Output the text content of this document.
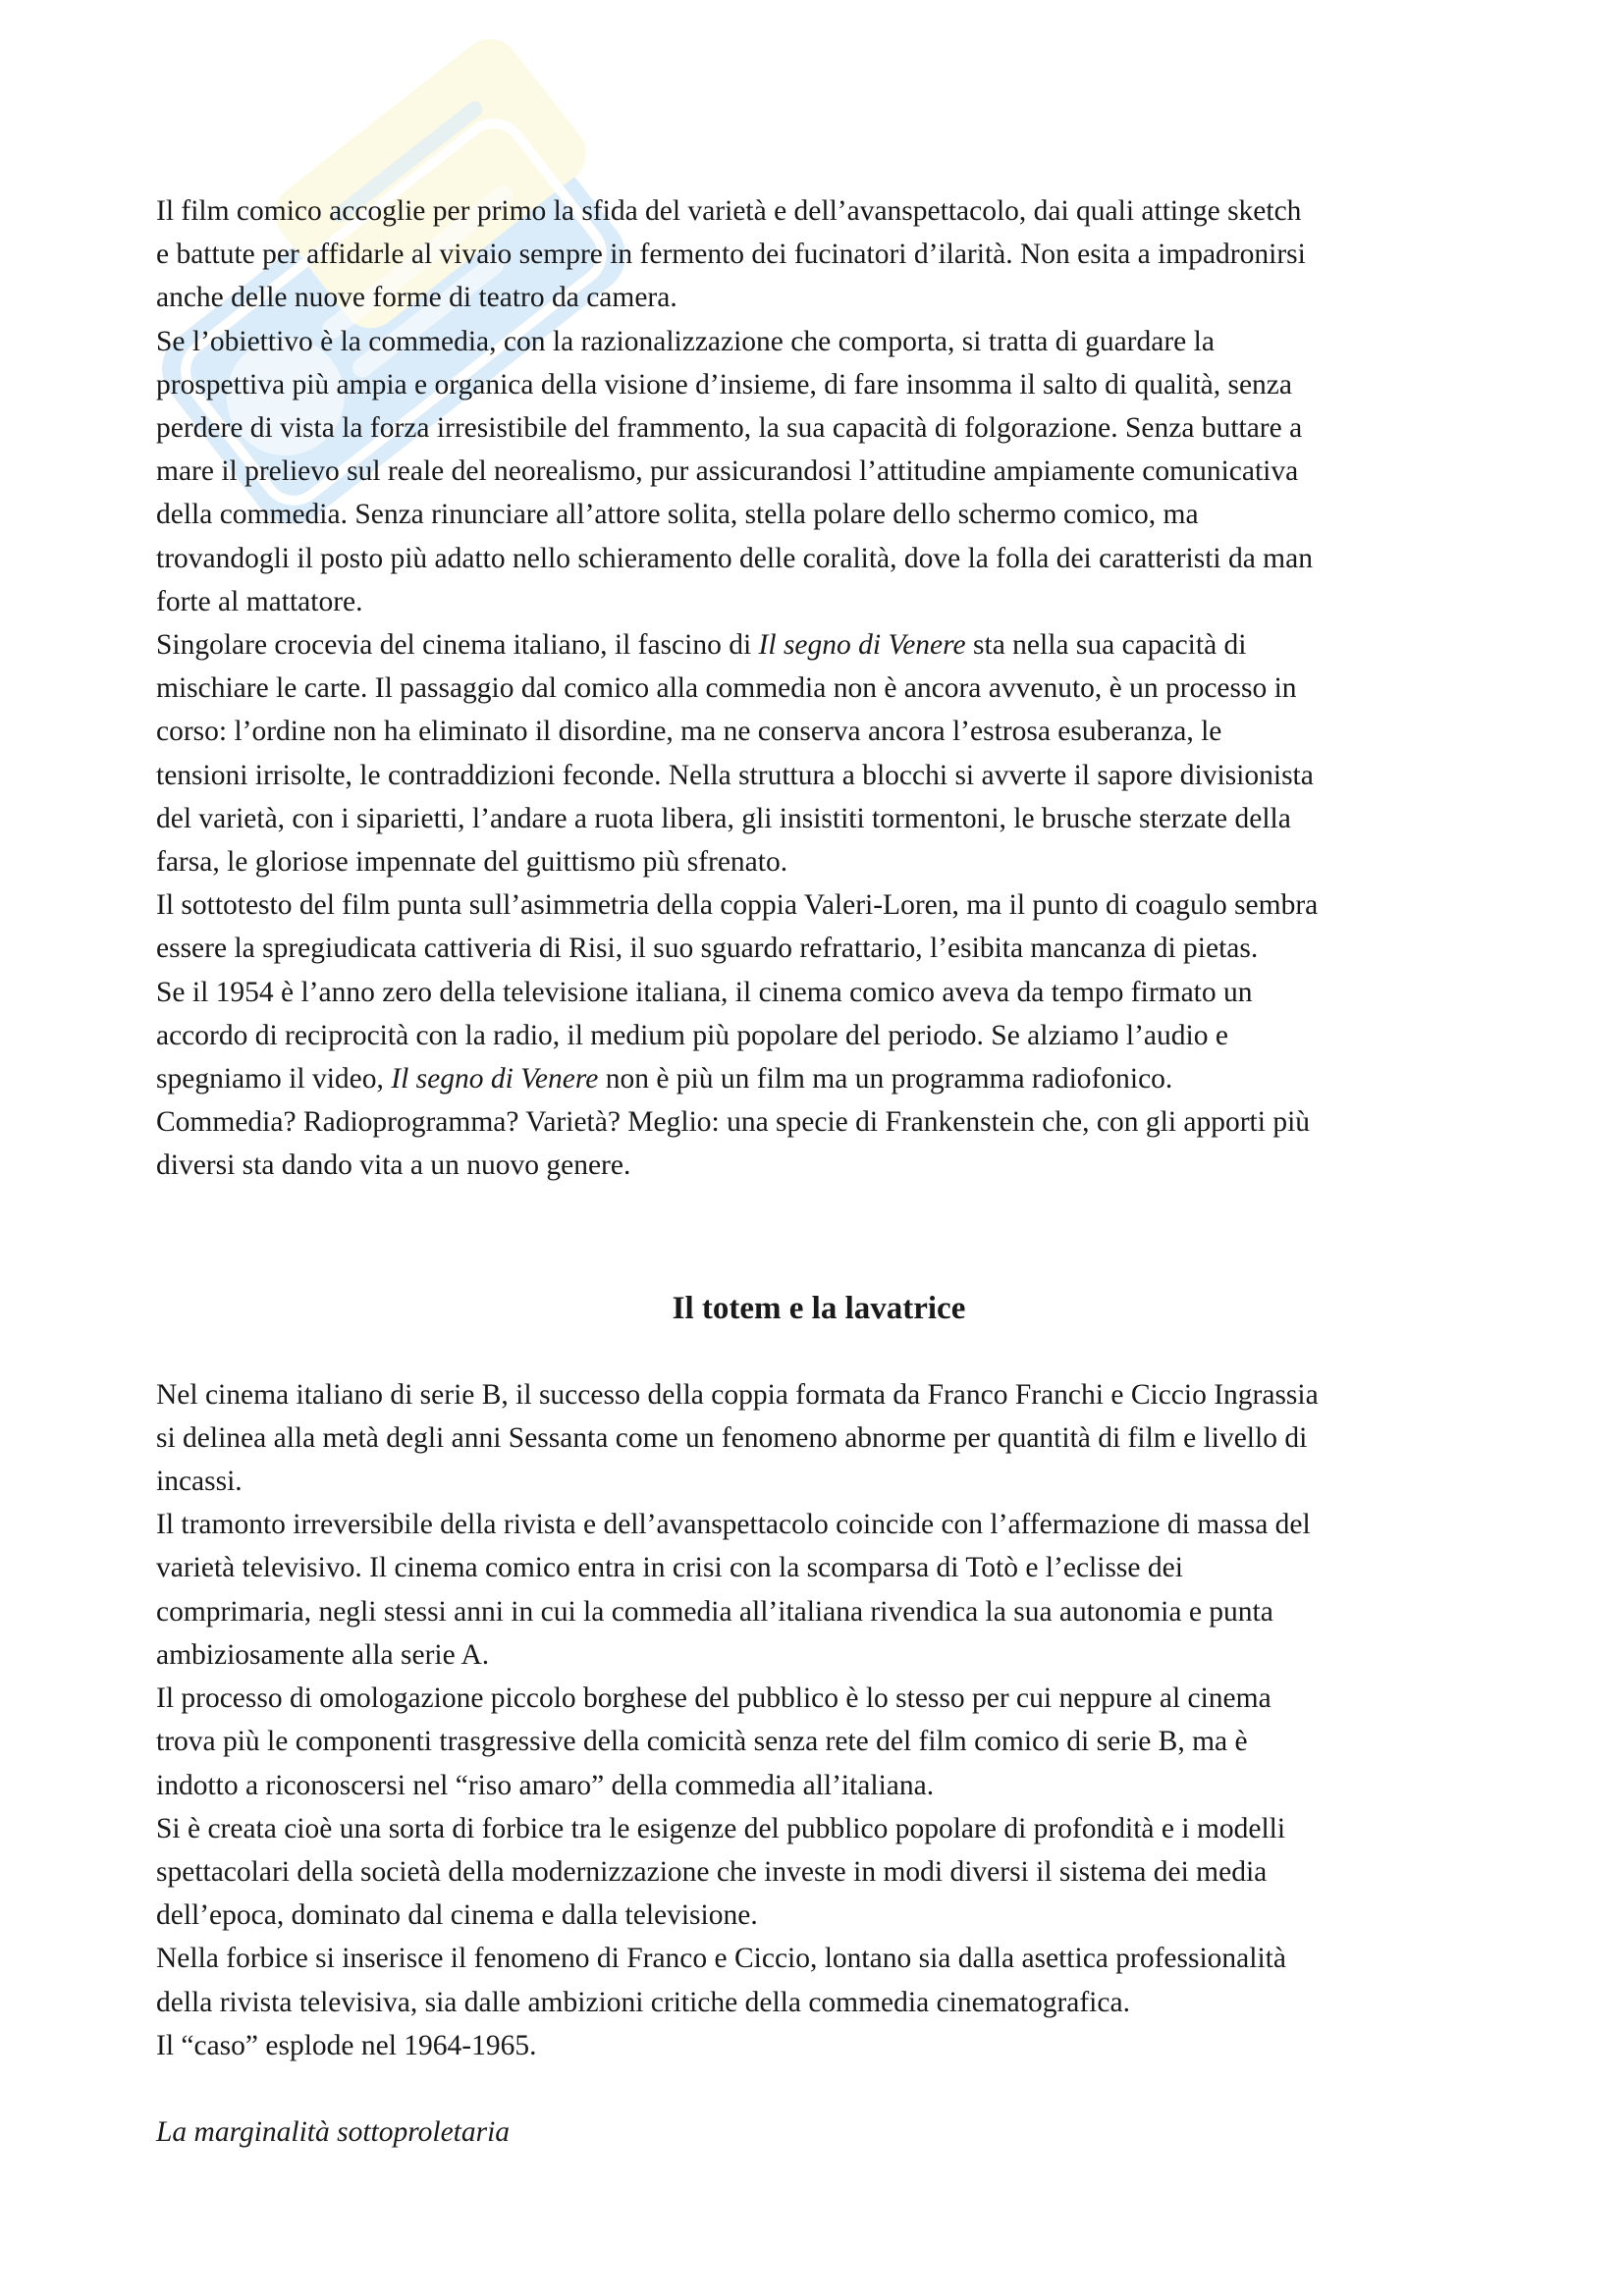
Il film comico accoglie per primo la sfida del varietà e dell’avanspettacolo, dai quali attinge sketch
e battute per affidarle al vivaio sempre in fermento dei fucinatori d’ilarità. Non esita a impadronirsi
anche delle nuove forme di teatro da camera.

Se l’obiettivo è la commedia, con la razionalizzazione che comporta, si tratta di guardare la
prospettiva più ampia e organica della visione d’insieme, di fare insomma il salto di qualità, senza
perdere di vista la forza irresistibile del frammento, la sua capacità di folgorazione. Senza buttare a
mare il prelievo sul reale del neorealismo, pur assicurandosi l’attitudine ampiamente comunicativa
della commedia. Senza rinunciare all’attore solita, stella polare dello schermo comico, ma
trovandogli il posto più adatto nello schieramento delle coralità, dove la folla dei caratteristi da man
forte al mattatore.

Singolare crocevia del cinema italiano, il fascino di Il segno di Venere sta nella sua capacità di
mischiare le carte. Il passaggio dal comico alla commedia non è ancora avvenuto, è un processo in
corso: l’ordine non ha eliminato il disordine, ma ne conserva ancora l’estrosa esuberanza, le
tensioni irrisolte, le contraddizioni feconde. Nella struttura a blocchi si avverte il sapore divisionista
del varietà, con i siparietti, l’andare a ruota libera, gli insistiti tormentoni, le brusche sterzate della
farsa, le gloriose impennate del guittismo più sfrenato.

Il sottotesto del film punta sull’asimmetria della coppia Valeri-Loren, ma il punto di coagulo sembra
essere la spregiudicata cattiveria di Risi, il suo sguardo refrattario, l’esibita mancanza di pietas.

Se il 1954 è l’anno zero della televisione italiana, il cinema comico aveva da tempo firmato un
accordo di reciprocità con la radio, il medium più popolare del periodo. Se alziamo l’audio e
spegniamo il video, Il segno di Venere non è più un film ma un programma radiofonico.
Commedia? Radioprogramma? Varietà? Meglio: una specie di Frankenstein che, con gli apporti più
diversi sta dando vita a un nuovo genere.

Il totem e la lavatrice

Nel cinema italiano di serie B, il successo della coppia formata da Franco Franchi e Ciccio Ingrassia
si delinea alla metà degli anni Sessanta come un fenomeno abnorme per quantità di film e livello di
incassi.

Il tramonto irreversibile della rivista e dell’avanspettacolo coincide con l’affermazione di massa del
varietà televisivo. Il cinema comico entra in crisi con la scomparsa di Totò e l’eclisse dei
comprimaria, negli stessi anni in cui la commedia all’italiana rivendica la sua autonomia e punta
ambiziosamente alla serie A.

Il processo di omologazione piccolo borghese del pubblico è lo stesso per cui neppure al cinema
trova più le componenti trasgressive della comicità senza rete del film comico di serie B, ma è
indotto a riconoscersi nel “riso amaro” della commedia all’italiana.

Si è creata cioè una sorta di forbice tra le esigenze del pubblico popolare di profondità e i modelli
spettacolari della società della modernizzazione che investe in modi diversi il sistema dei media
dell’epoca, dominato dal cinema e dalla televisione.

Nella forbice si inserisce il fenomeno di Franco e Ciccio, lontano sia dalla asettica professionalità
della rivista televisiva, sia dalle ambizioni critiche della commedia cinematografica.

Il “caso” esplode nel 1964-1965.

La marginalità sottoproletaria
